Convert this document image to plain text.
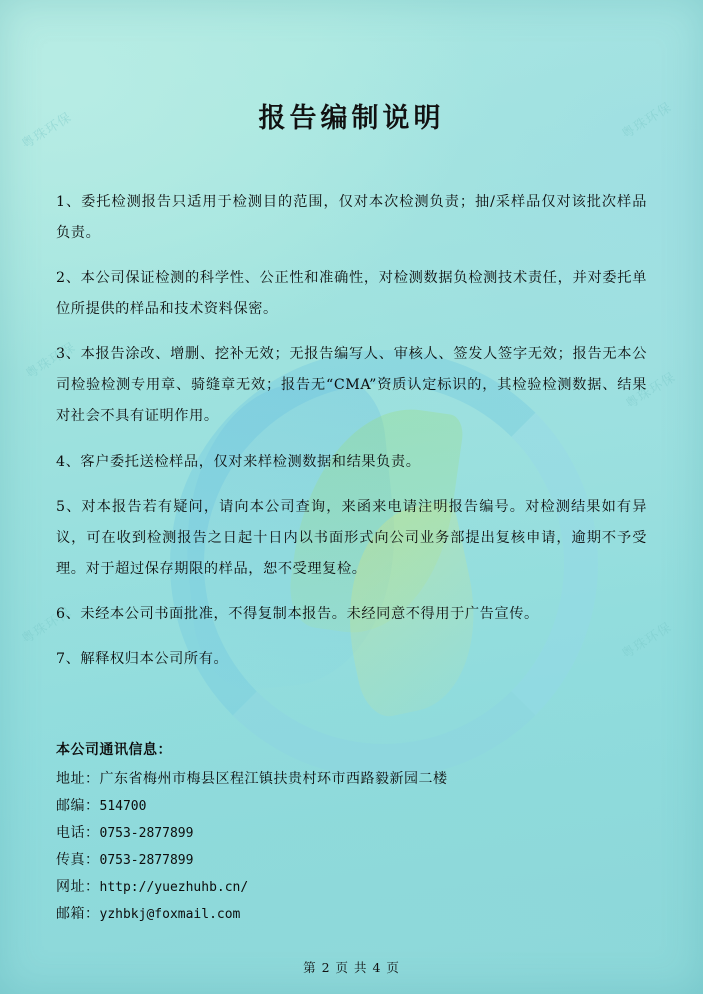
粤珠环保
粤珠环保
粤珠环保
粤珠环保
粤珠环保
粤珠环保
报告编制说明

1、委托检测报告只适用于检测目的范围，仅对本次检测负责；抽/采样品仅对该批次样品负责。

2、本公司保证检测的科学性、公正性和准确性，对检测数据负检测技术责任，并对委托单位所提供的样品和技术资料保密。

3、本报告涂改、增删、挖补无效；无报告编写人、审核人、签发人签字无效；报告无本公司检验检测专用章、骑缝章无效；报告无“CMA”资质认定标识的，其检验检测数据、结果对社会不具有证明作用。

4、客户委托送检样品，仅对来样检测数据和结果负责。

5、对本报告若有疑问，请向本公司查询，来函来电请注明报告编号。对检测结果如有异议，可在收到检测报告之日起十日内以书面形式向公司业务部提出复核申请，逾期不予受理。对于超过保存期限的样品，恕不受理复检。

6、未经本公司书面批准，不得复制本报告。未经同意不得用于广告宣传。

7、解释权归本公司所有。

本公司通讯信息：
地址：广东省梅州市梅县区程江镇扶贵村环市西路毅新园二楼
邮编：514700
电话：0753-2877899
传真：0753-2877899
网址：http://yuezhuhb.cn/
邮箱：yzhbkj@foxmail.com
第 2 页 共 4 页
